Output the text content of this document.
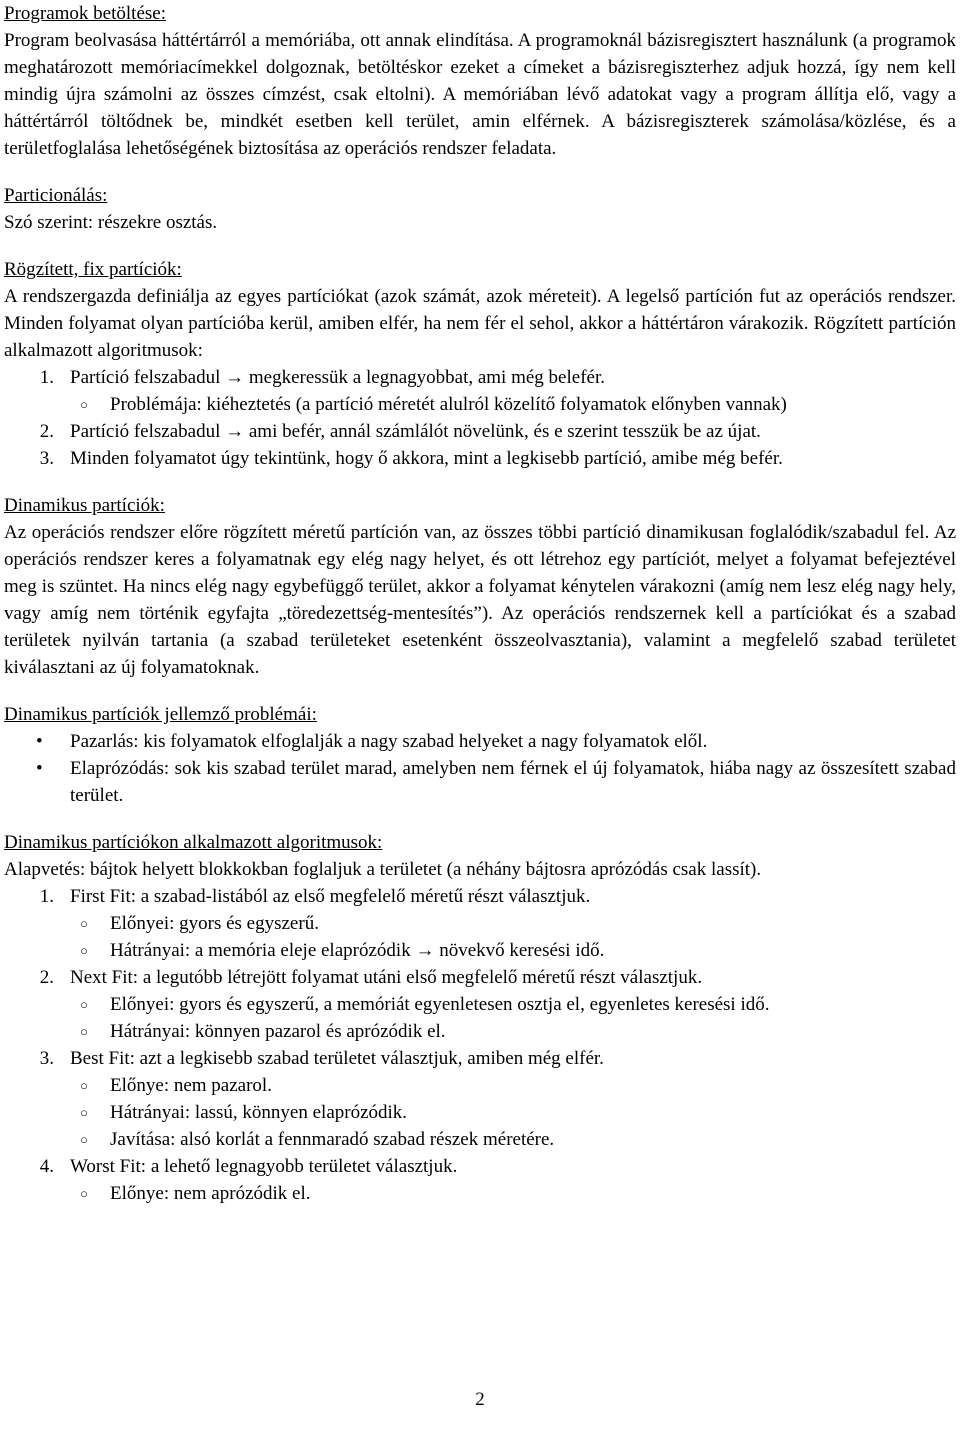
Programok betöltése:

Program beolvasása háttértárról a memóriába, ott annak elindítása. A programoknál bázisregisztert használunk (a programok meghatározott memóriacímekkel dolgoznak, betöltéskor ezeket a címeket a bázisregiszterhez adjuk hozzá, így nem kell mindig újra számolni az összes címzést, csak eltolni). A memóriában lévő adatokat vagy a program állítja elő, vagy a háttértárról töltődnek be, mindkét esetben kell terület, amin elférnek. A bázisregiszterek számolása/közlése, és a területfoglalása lehetőségének biztosítása az operációs rendszer feladata.

Particionálás:

Szó szerint: részekre osztás.

Rögzített, fix partíciók:

A rendszergazda definiálja az egyes partíciókat (azok számát, azok méreteit). A legelső partíción fut az operációs rendszer. Minden folyamat olyan partícióba kerül, amiben elfér, ha nem fér el sehol, akkor a háttértáron várakozik. Rögzített partíción alkalmazott algoritmusok:

1. Partíció felszabadul → megkeressük a legnagyobbat, ami még belefér.
○	Problémája: kiéheztetés (a partíció méretét alulról közelítő folyamatok előnyben vannak)
2. Partíció felszabadul → ami befér, annál számlálót növelünk, és e szerint tesszük be az újat.
3. Minden folyamatot úgy tekintünk, hogy ő akkora, mint a legkisebb partíció, amibe még befér.
Dinamikus partíciók:

Az operációs rendszer előre rögzített méretű partíción van, az összes többi partíció dinamikusan foglalódik/szabadul fel. Az operációs rendszer keres a folyamatnak egy elég nagy helyet, és ott létrehoz egy partíciót, melyet a folyamat befejeztével meg is szüntet. Ha nincs elég nagy egybefüggő terület, akkor a folyamat kénytelen várakozni (amíg nem lesz elég nagy hely, vagy amíg nem történik egyfajta „töredezettség-mentesítés”). Az operációs rendszernek kell a partíciókat és a szabad területek nyilván tartania (a szabad területeket esetenként összeolvasztania), valamint a megfelelő szabad területet kiválasztani az új folyamatoknak.

Dinamikus partíciók jellemző problémái:
•	Pazarlás: kis folyamatok elfoglalják a nagy szabad helyeket a nagy folyamatok elől.
•	Elaprózódás: sok kis szabad terület marad, amelyben nem férnek el új folyamatok, hiába nagy az összesített szabad terület.
Dinamikus partíciókon alkalmazott algoritmusok:

Alapvetés: bájtok helyett blokkokban foglaljuk a területet (a néhány bájtosra aprózódás csak lassít).

1. First Fit: a szabad-listából az első megfelelő méretű részt választjuk.
○	Előnyei: gyors és egyszerű.
○	Hátrányai: a memória eleje elaprózódik → növekvő keresési idő.
2. Next Fit: a legutóbb létrejött folyamat utáni első megfelelő méretű részt választjuk.
○	Előnyei: gyors és egyszerű, a memóriát egyenletesen osztja el, egyenletes keresési idő.
○	Hátrányai: könnyen pazarol és aprózódik el.
3. Best Fit: azt a legkisebb szabad területet választjuk, amiben még elfér.
○	Előnye: nem pazarol.
○	Hátrányai: lassú, könnyen elaprózódik.
○	Javítása: alsó korlát a fennmaradó szabad részek méretére.
4. Worst Fit: a lehető legnagyobb területet választjuk.
○	Előnye: nem aprózódik el.
2
